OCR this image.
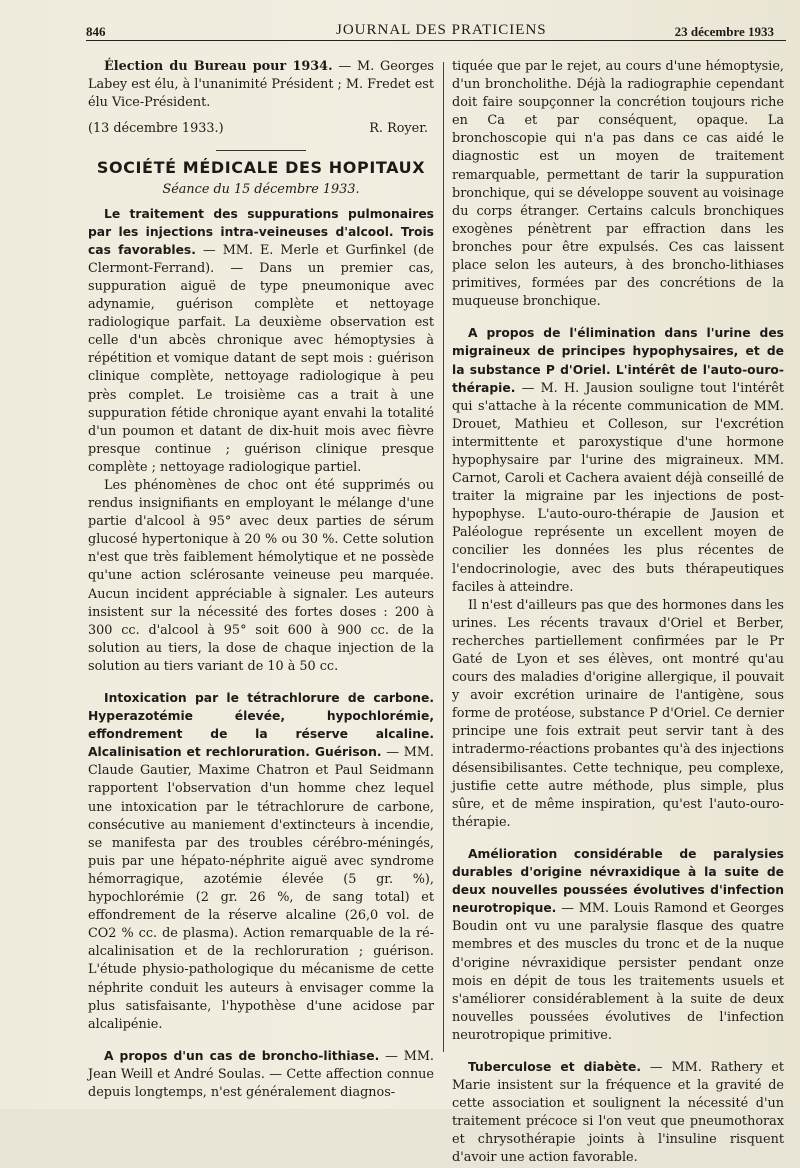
846	JOURNAL DES PRATICIENS	23 décembre 1933

Élection du Bureau pour 1934. — M. Georges Labey est élu, à l'unanimité Président ; M. Fredet est élu Vice-Président.

(13 décembre 1933.)	R. Royer.
SOCIÉTÉ MÉDICALE DES HOPITAUX
Séance du 15 décembre 1933.

Le traitement des suppurations pulmonaires par les injections intra-veineuses d'alcool. Trois cas favorables. — MM. E. Merle et Gurfinkel (de Clermont-Ferrand). — Dans un premier cas, suppuration aiguë de type pneumonique avec adynamie, guérison complète et nettoyage radiologique parfait. La deuxième observation est celle d'un abcès chronique avec hémoptysies à répétition et vomique datant de sept mois : guérison clinique complète, nettoyage radiologique à peu près complet. Le troisième cas a trait à une suppuration fétide chronique ayant envahi la totalité d'un poumon et datant de dix-huit mois avec fièvre presque continue ; guérison clinique presque complète ; nettoyage radiologique partiel.

Les phénomènes de choc ont été supprimés ou rendus insignifiants en employant le mélange d'une partie d'alcool à 95° avec deux parties de sérum glucosé hypertonique à 20 % ou 30 %. Cette solution n'est que très faiblement hémolytique et ne possède qu'une action sclérosante veineuse peu marquée. Aucun incident appréciable à signaler. Les auteurs insistent sur la nécessité des fortes doses : 200 à 300 cc. d'alcool à 95° soit 600 à 900 cc. de la solution au tiers, la dose de chaque injection de la solution au tiers variant de 10 à 50 cc.

Intoxication par le tétrachlorure de carbone. Hyperazotémie élevée, hypochlorémie, effondrement de la réserve alcaline. Alcalinisation et rechloruration. Guérison. — MM. Claude Gautier, Maxime Chatron et Paul Seidmann rapportent l'observation d'un homme chez lequel une intoxication par le tétrachlorure de carbone, consécutive au maniement d'extincteurs à incendie, se manifesta par des troubles cérébro-méningés, puis par une hépato-néphrite aiguë avec syndrome hémorragique, azotémie élevée (5 gr. %), hypochlorémie (2 gr. 26 %, de sang total) et effondrement de la réserve alcaline (26,0 vol. de CO2 % cc. de plasma). Action remarquable de la ré-alcalinisation et de la rechloruration ; guérison. L'étude physio-pathologique du mécanisme de cette néphrite conduit les auteurs à envisager comme la plus satisfaisante, l'hypothèse d'une acidose par alcalipénie.

A propos d'un cas de broncho-lithiase. — MM. Jean Weill et André Soulas. — Cette affection connue depuis longtemps, n'est généralement diagnos-

tiquée que par le rejet, au cours d'une hémoptysie, d'un broncholithe. Déjà la radiographie cependant doit faire soupçonner la concrétion toujours riche en Ca et par conséquent, opaque. La bronchoscopie qui n'a pas dans ce cas aidé le diagnostic est un moyen de traitement remarquable, permettant de tarir la suppuration bronchique, qui se développe souvent au voisinage du corps étranger. Certains calculs bronchiques exogènes pénètrent par effraction dans les bronches pour être expulsés. Ces cas laissent place selon les auteurs, à des broncho-lithiases primitives, formées par des concrétions de la muqueuse bronchique.

A propos de l'élimination dans l'urine des migraineux de principes hypophysaires, et de la substance P d'Oriel. L'intérêt de l'auto-ouro-thérapie. — M. H. Jausion souligne tout l'intérêt qui s'attache à la récente communication de MM. Drouet, Mathieu et Colleson, sur l'excrétion intermittente et paroxystique d'une hormone hypophysaire par l'urine des migraineux. MM. Carnot, Caroli et Cachera avaient déjà conseillé de traiter la migraine par les injections de post-hypophyse. L'auto-ouro-thérapie de Jausion et Paléologue représente un excellent moyen de concilier les données les plus récentes de l'endocrinologie, avec des buts thérapeutiques faciles à atteindre.

Il n'est d'ailleurs pas que des hormones dans les urines. Les récents travaux d'Oriel et Berber, recherches partiellement confirmées par le Pr Gaté de Lyon et ses élèves, ont montré qu'au cours des maladies d'origine allergique, il pouvait y avoir excrétion urinaire de l'antigène, sous forme de protéose, substance P d'Oriel. Ce dernier principe une fois extrait peut servir tant à des intradermo-réactions probantes qu'à des injections désensibilisantes. Cette technique, peu complexe, justifie cette autre méthode, plus simple, plus sûre, et de même inspiration, qu'est l'auto-ouro-thérapie.

Amélioration considérable de paralysies durables d'origine névraxidique à la suite de deux nouvelles poussées évolutives d'infection neurotropique. — MM. Louis Ramond et Georges Boudin ont vu une paralysie flasque des quatre membres et des muscles du tronc et de la nuque d'origine névraxidique persister pendant onze mois en dépit de tous les traitements usuels et s'améliorer considérablement à la suite de deux nouvelles poussées évolutives de l'infection neurotropique primitive.

Tuberculose et diabète. — MM. Rathery et Marie insistent sur la fréquence et la gravité de cette association et soulignent la nécessité d'un traitement précoce si l'on veut que pneumothorax et chrysothérapie joints à l'insuline risquent d'avoir une action favorable.
